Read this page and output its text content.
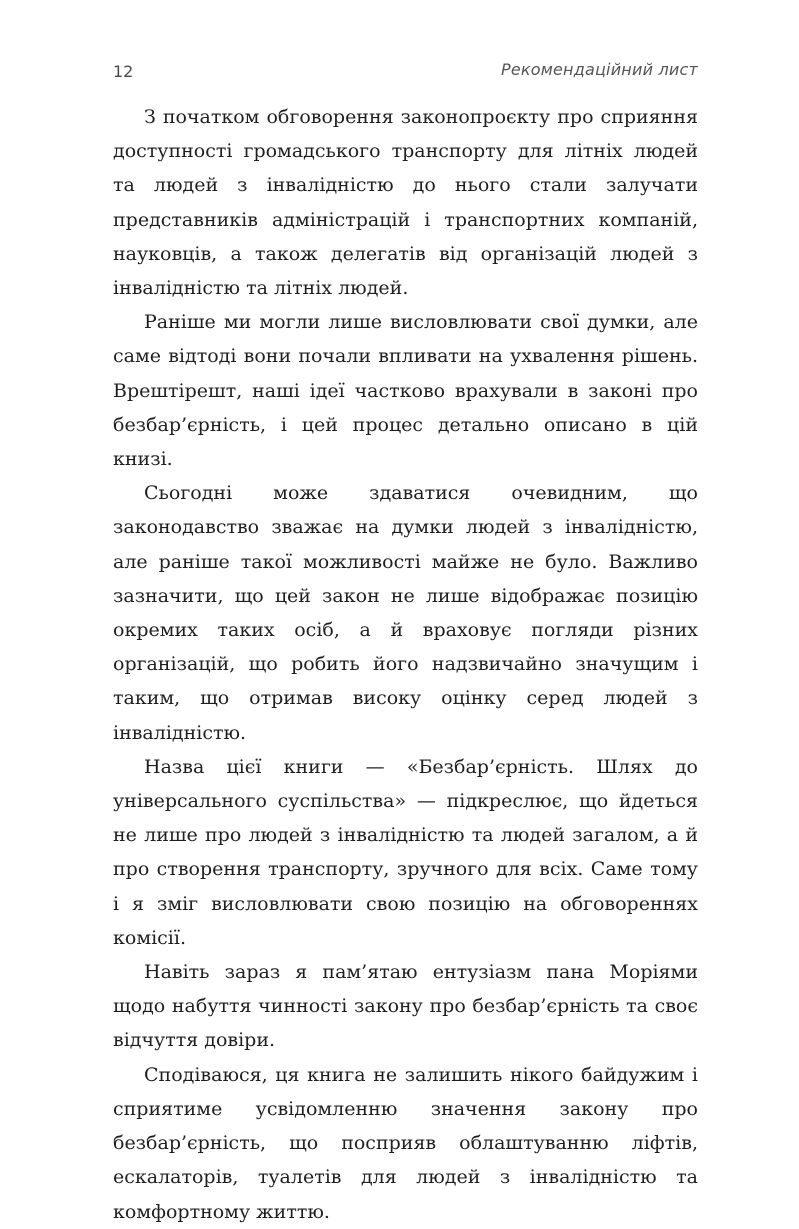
12	Рекомендаційний лист

З початком обговорення законопроєкту про сприяння доступності громадського транспорту для літніх людей та людей з інвалідністю до нього стали залучати представників адміністрацій і транспортних компаній, науковців, а також делегатів від організацій людей з інвалідністю та літніх людей.

Раніше ми могли лише висловлювати свої думки, але саме відтоді вони почали впливати на ухвалення рішень. Врештірешт, наші ідеї частково врахували в законі про безбар’єрність, і цей процес детально описано в цій книзі.

Сьогодні може здаватися очевидним, що законодавство зважає на думки людей з інвалідністю, але раніше такої можливості майже не було. Важливо зазначити, що цей закон не лише відображає позицію окремих таких осіб, а й враховує погляди різних організацій, що робить його надзвичайно значущим і таким, що отримав високу оцінку серед людей з інвалідністю.

Назва цієї книги — «Безбар’єрність. Шлях до універсального суспільства» — підкреслює, що йдеться не лише про людей з інвалідністю та людей загалом, а й про створення транспорту, зручного для всіх. Саме тому і я зміг висловлювати свою позицію на обговореннях комісії.

Навіть зараз я пам’ятаю ентузіазм пана Моріями щодо набуття чинності закону про безбар’єрність та своє відчуття довіри.

Сподіваюся, ця книга не залишить нікого байдужим і сприятиме усвідомленню значення закону про безбар’єрність, що посприяв облаштуванню ліфтів, ескалаторів, туалетів для людей з інвалідністю та комфортному життю.
